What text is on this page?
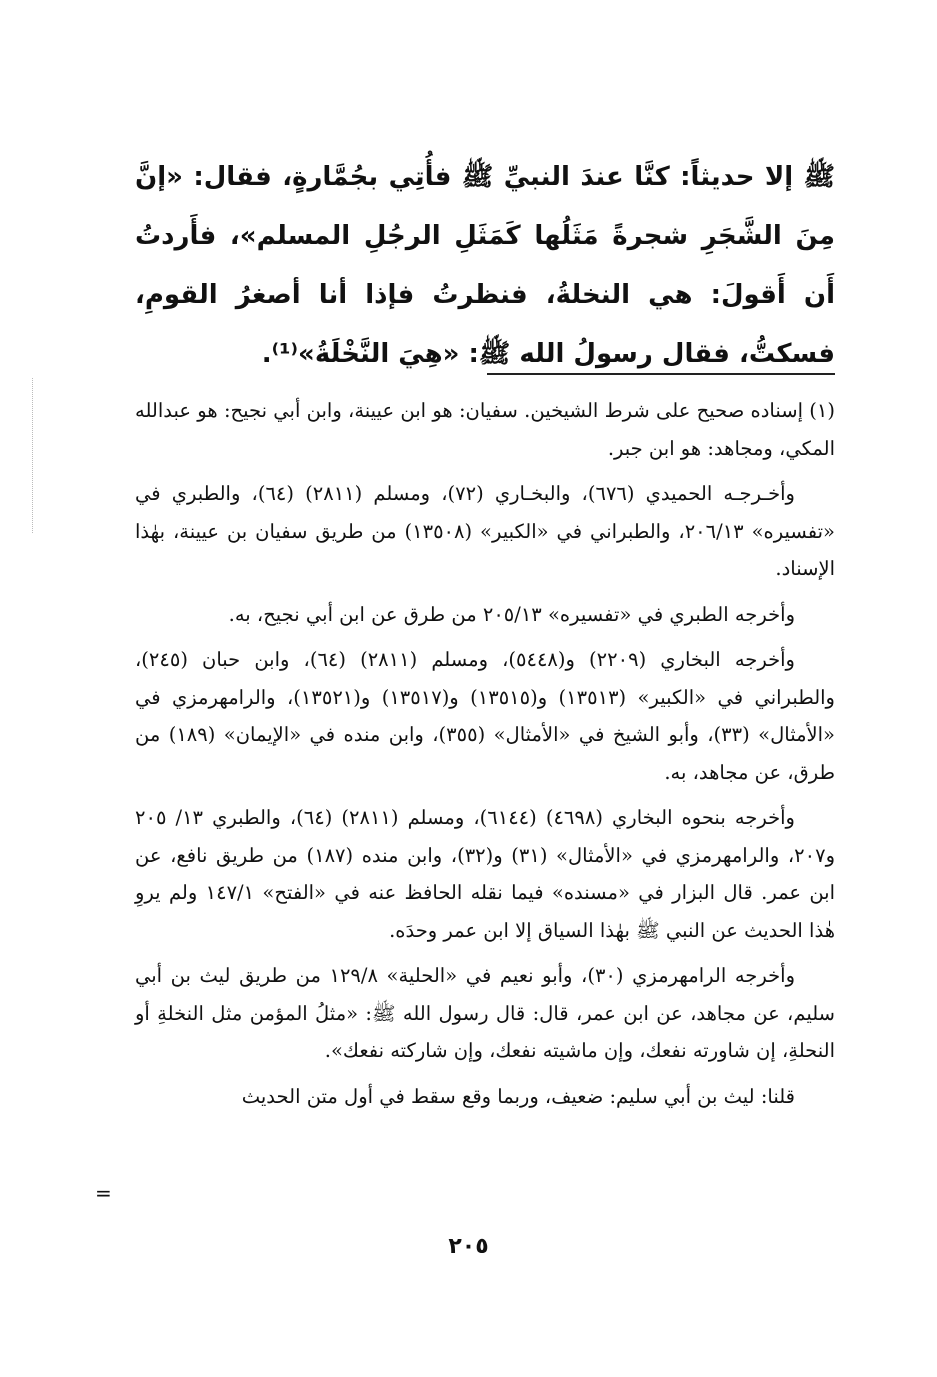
ﷺ إلا حديثاً: كنَّا عندَ النبيِّ ﷺ فأُتِي بجُمَّارةٍ، فقال: «إنَّ مِنَ الشَّجَرِ شجرةً مَثَلُها كَمَثَلِ الرجُلِ المسلم»، فأَردتُ أَن أَقولَ: هي النخلةُ، فنظرتُ فإذا أنا أصغرُ القومِ، فسكتُّ، فقال رسولُ الله ﷺ: «هِيَ النَّخْلَةُ»⁽¹⁾.

(١) إسناده صحيح على شرط الشيخين. سفيان: هو ابن عيينة، وابن أبي نجيح: هو عبدالله المكي، ومجاهد: هو ابن جبر.

وأخـرجـه الحميدي (٦٧٦)، والبخـاري (٧٢)، ومسلم (٢٨١١) (٦٤)، والطبري في «تفسيره» ٢٠٦/١٣، والطبراني في «الكبير» (١٣٥٠٨) من طريق سفيان بن عيينة، بهٰذا الإسناد.

وأخرجه الطبري في «تفسيره» ٢٠٥/١٣ من طرق عن ابن أبي نجيح، به.

وأخرجه البخاري (٢٢٠٩) و(٥٤٤٨)، ومسلم (٢٨١١) (٦٤)، وابن حبان (٢٤٥)، والطبراني في «الكبير» (١٣٥١٣) و(١٣٥١٥) و(١٣٥١٧) و(١٣٥٢١)، والرامهرمزي في «الأمثال» (٣٣)، وأبو الشيخ في «الأمثال» (٣٥٥)، وابن منده في «الإيمان» (١٨٩) من طرق، عن مجاهد، به.

وأخرجه بنحوه البخاري (٤٦٩٨) (٦١٤٤)، ومسلم (٢٨١١) (٦٤)، والطبري ١٣/ ٢٠٥ و٢٠٧، والرامهرمزي في «الأمثال» (٣١) و(٣٢)، وابن منده (١٨٧) من طريق نافع، عن ابن عمر. قال البزار في «مسنده» فيما نقله الحافظ عنه في «الفتح» ١٤٧/١ ولم يروِ هٰذا الحديث عن النبي ﷺ بهٰذا السياق إلا ابن عمر وحدَه.

وأخرجه الرامهرمزي (٣٠)، وأبو نعيم في «الحلية» ١٢٩/٨ من طريق ليث بن أبي سليم، عن مجاهد، عن ابن عمر، قال: قال رسول الله ﷺ: «مثلُ المؤمن مثل النخلةِ أو النحلةِ، إن شاورته نفعك، وإن ماشيته نفعك، وإن شاركته نفعك».

قلنا: ليث بن أبي سليم: ضعيف، وربما وقع سقط في أول متن الحديث

=
٢٠٥
